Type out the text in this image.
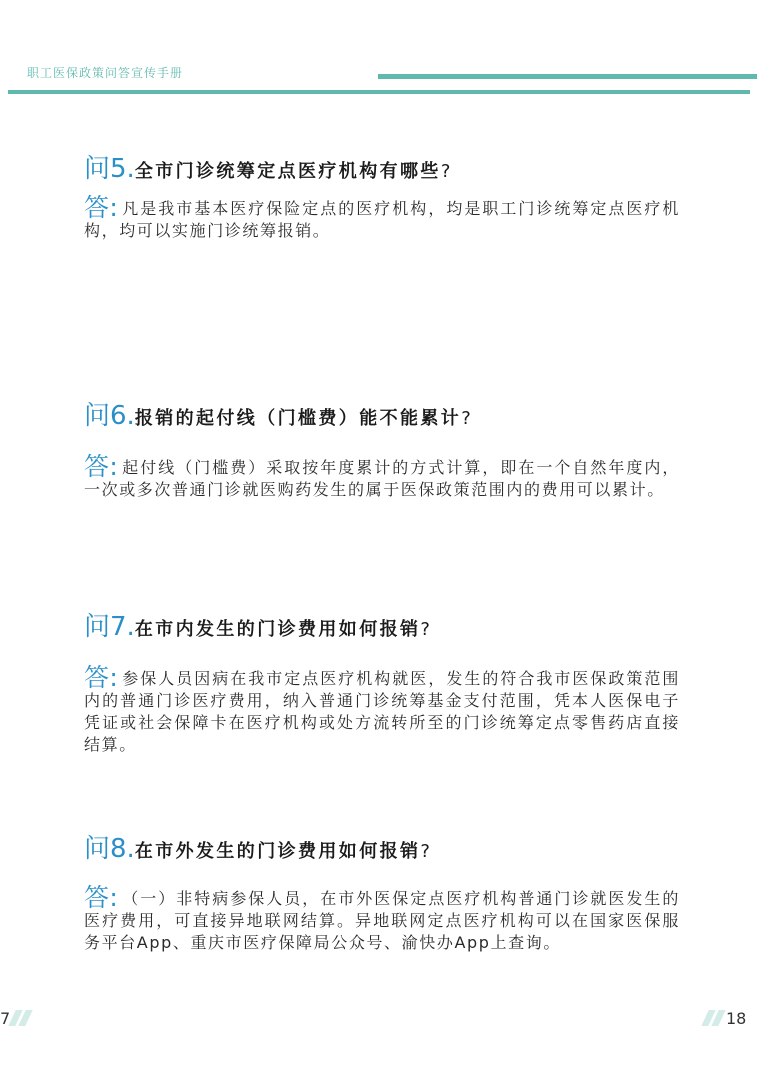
职工医保政策问答宣传手册
问5. 全市门诊统筹定点医疗机构有哪些 ?
答: 凡是我市基本医疗保险定点的医疗机构，均是职工门诊统筹定点医疗机构，均可以实施门诊统筹报销。
问6. 报销的起付线（门槛费）能不能累计 ?
答: 起付线（门槛费）采取按年度累计的方式计算，即在一个自然年度内，一次或多次普通门诊就医购药发生的属于医保政策范围内的费用可以累计。
问7. 在市内发生的门诊费用如何报销 ?
答: 参保人员因病在我市定点医疗机构就医，发生的符合我市医保政策范围内的普通门诊医疗费用，纳入普通门诊统筹基金支付范围，凭本人医保电子凭证或社会保障卡在医疗机构或处方流转所至的门诊统筹定点零售药店直接结算。
问8. 在市外发生的门诊费用如何报销 ?
答: （一）非特病参保人员，在市外医保定点医疗机构普通门诊就医发生的医疗费用，可直接异地联网结算。异地联网定点医疗机构可以在国家医保服务平台App、重庆市医疗保障局公众号、渝快办App上查询。
7	18
